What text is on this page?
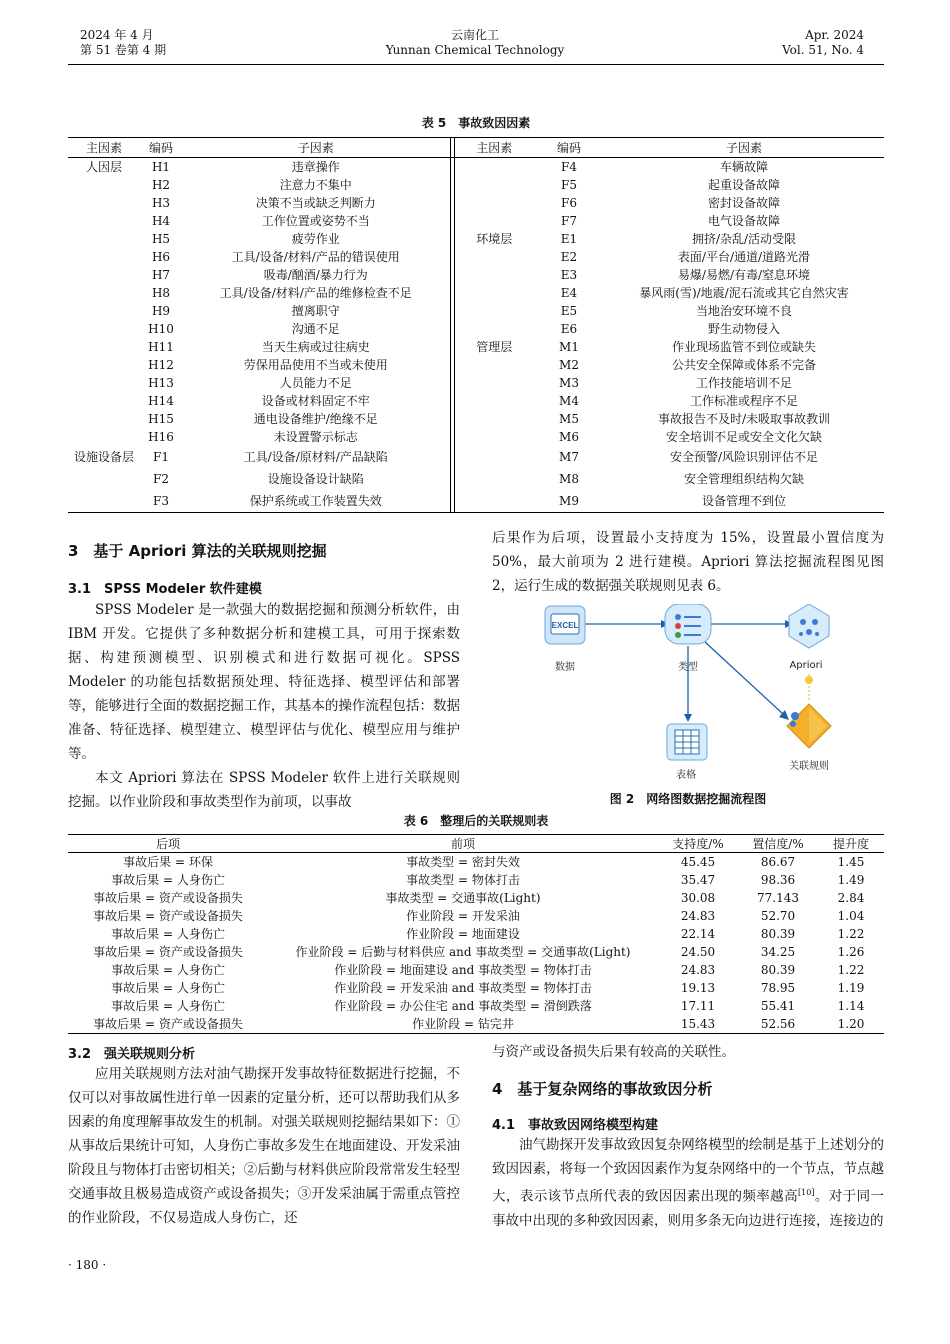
2024 年 4 月
第 51 卷第 4 期
云南化工
Yunnan Chemical Technology
Apr. 2024
Vol. 51, No. 4
表 5　事故致因因素
主因素	编码	子因素		主因素	编码	子因素
人因层	H1	违章操作			F4	车辆故障
	H2	注意力不集中			F5	起重设备故障
	H3	决策不当或缺乏判断力			F6	密封设备故障
	H4	工作位置或姿势不当			F7	电气设备故障
	H5	疲劳作业		环境层	E1	拥挤/杂乱/活动受限
	H6	工具/设备/材料/产品的错误使用			E2	表面/平台/通道/道路光滑
	H7	吸毒/酗酒/暴力行为			E3	易爆/易燃/有毒/窒息环境
	H8	工具/设备/材料/产品的维修检查不足			E4	暴风雨(雪)/地震/泥石流或其它自然灾害
	H9	擅离职守			E5	当地治安环境不良
	H10	沟通不足			E6	野生动物侵入
	H11	当天生病或过往病史		管理层	M1	作业现场监管不到位或缺失
	H12	劳保用品使用不当或未使用			M2	公共安全保障或体系不完备
	H13	人员能力不足			M3	工作技能培训不足
	H14	设备或材料固定不牢			M4	工作标准或程序不足
	H15	通电设备维护/绝缘不足			M5	事故报告不及时/未吸取事故教训
	H16	未设置警示标志			M6	安全培训不足或安全文化欠缺
设施设备层	F1	工具/设备/原材料/产品缺陷			M7	安全预警/风险识别评估不足
	F2	设施设备设计缺陷			M8	安全管理组织结构欠缺
	F3	保护系统或工作装置失效			M9	设备管理不到位
3　基于 Apriori 算法的关联规则挖掘
3.1　SPSS Modeler 软件建模
SPSS Modeler 是一款强大的数据挖掘和预测分析软件，由 IBM 开发。它提供了多种数据分析和建模工具，可用于探索数据、构建预测模型、识别模式和进行数据可视化。SPSS Modeler 的功能包括数据预处理、特征选择、模型评估和部署等，能够进行全面的数据挖掘工作，其基本的操作流程包括：数据准备、特征选择、模型建立、模型评估与优化、模型应用与维护等。
本文 Apriori 算法在 SPSS Modeler 软件上进行关联规则挖掘。以作业阶段和事故类型作为前项，以事故
后果作为后项，设置最小支持度为 15%，设置最小置信度为 50%，最大前项为 2 进行建模。Apriori 算法挖掘流程图见图 2，运行生成的数据强关联规则见表 6。
EXCEL
数据	类型	Apriori
表格
关联规则
图 2　网络图数据挖掘流程图
表 6　整理后的关联规则表
后项	前项	支持度/%	置信度/%	提升度
事故后果 = 环保	事故类型 = 密封失效	45.45	86.67	1.45
事故后果 = 人身伤亡	事故类型 = 物体打击	35.47	98.36	1.49
事故后果 = 资产或设备损失	事故类型 = 交通事故(Light)	30.08	77.143	2.84
事故后果 = 资产或设备损失	作业阶段 = 开发采油	24.83	52.70	1.04
事故后果 = 人身伤亡	作业阶段 = 地面建设	22.14	80.39	1.22
事故后果 = 资产或设备损失	作业阶段 = 后勤与材料供应 and 事故类型 = 交通事故(Light)	24.50	34.25	1.26
事故后果 = 人身伤亡	作业阶段 = 地面建设 and 事故类型 = 物体打击	24.83	80.39	1.22
事故后果 = 人身伤亡	作业阶段 = 开发采油 and 事故类型 = 物体打击	19.13	78.95	1.19
事故后果 = 人身伤亡	作业阶段 = 办公住宅 and 事故类型 = 滑倒跌落	17.11	55.41	1.14
事故后果 = 资产或设备损失	作业阶段 = 钻完井	15.43	52.56	1.20
3.2　强关联规则分析
应用关联规则方法对油气勘探开发事故特征数据进行挖掘，不仅可以对事故属性进行单一因素的定量分析，还可以帮助我们从多因素的角度理解事故发生的机制。对强关联规则挖掘结果如下：①从事故后果统计可知，人身伤亡事故多发生在地面建设、开发采油阶段且与物体打击密切相关；②后勤与材料供应阶段常常发生轻型交通事故且极易造成资产或设备损失；③开发采油属于需重点管控的作业阶段，不仅易造成人身伤亡，还
与资产或设备损失后果有较高的关联性。
4　基于复杂网络的事故致因分析
4.1　事故致因网络模型构建
油气勘探开发事故致因复杂网络模型的绘制是基于上述划分的致因因素，将每一个致因因素作为复杂网络中的一个节点，节点越大，表示该节点所代表的致因因素出现的频率越高[10]。对于同一事故中出现的多种致因因素，则用多条无向边进行连接，连接边的
· 180 ·
